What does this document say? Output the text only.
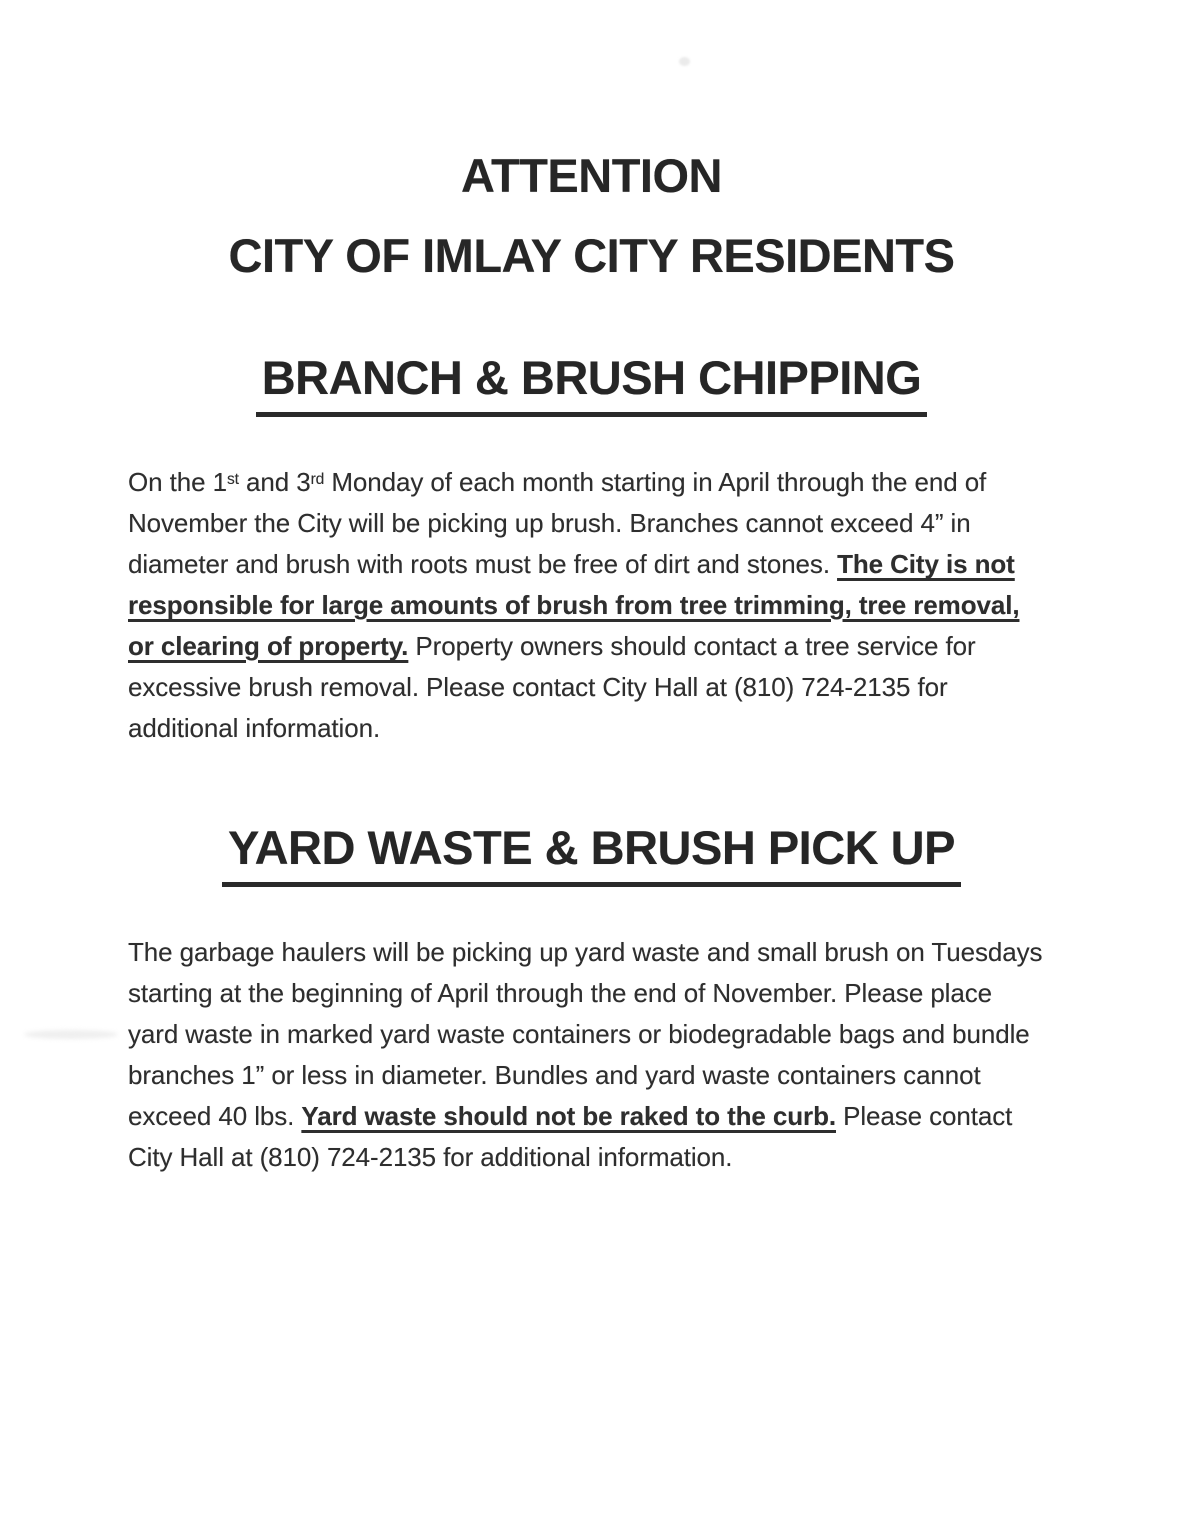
ATTENTION
CITY OF IMLAY CITY RESIDENTS
BRANCH & BRUSH CHIPPING

On the 1st and 3rd Monday of each month starting in April through the end of November the City will be picking up brush. Branches cannot exceed 4” in diameter and brush with roots must be free of dirt and stones. The City is not responsible for large amounts of brush from tree trimming, tree removal, or clearing of property. Property owners should contact a tree service for excessive brush removal. Please contact City Hall at (810) 724-2135 for additional information.

YARD WASTE & BRUSH PICK UP

The garbage haulers will be picking up yard waste and small brush on Tuesdays starting at the beginning of April through the end of November. Please place yard waste in marked yard waste containers or biodegradable bags and bundle branches 1” or less in diameter. Bundles and yard waste containers cannot exceed 40 lbs. Yard waste should not be raked to the curb. Please contact City Hall at (810) 724-2135 for additional information.
